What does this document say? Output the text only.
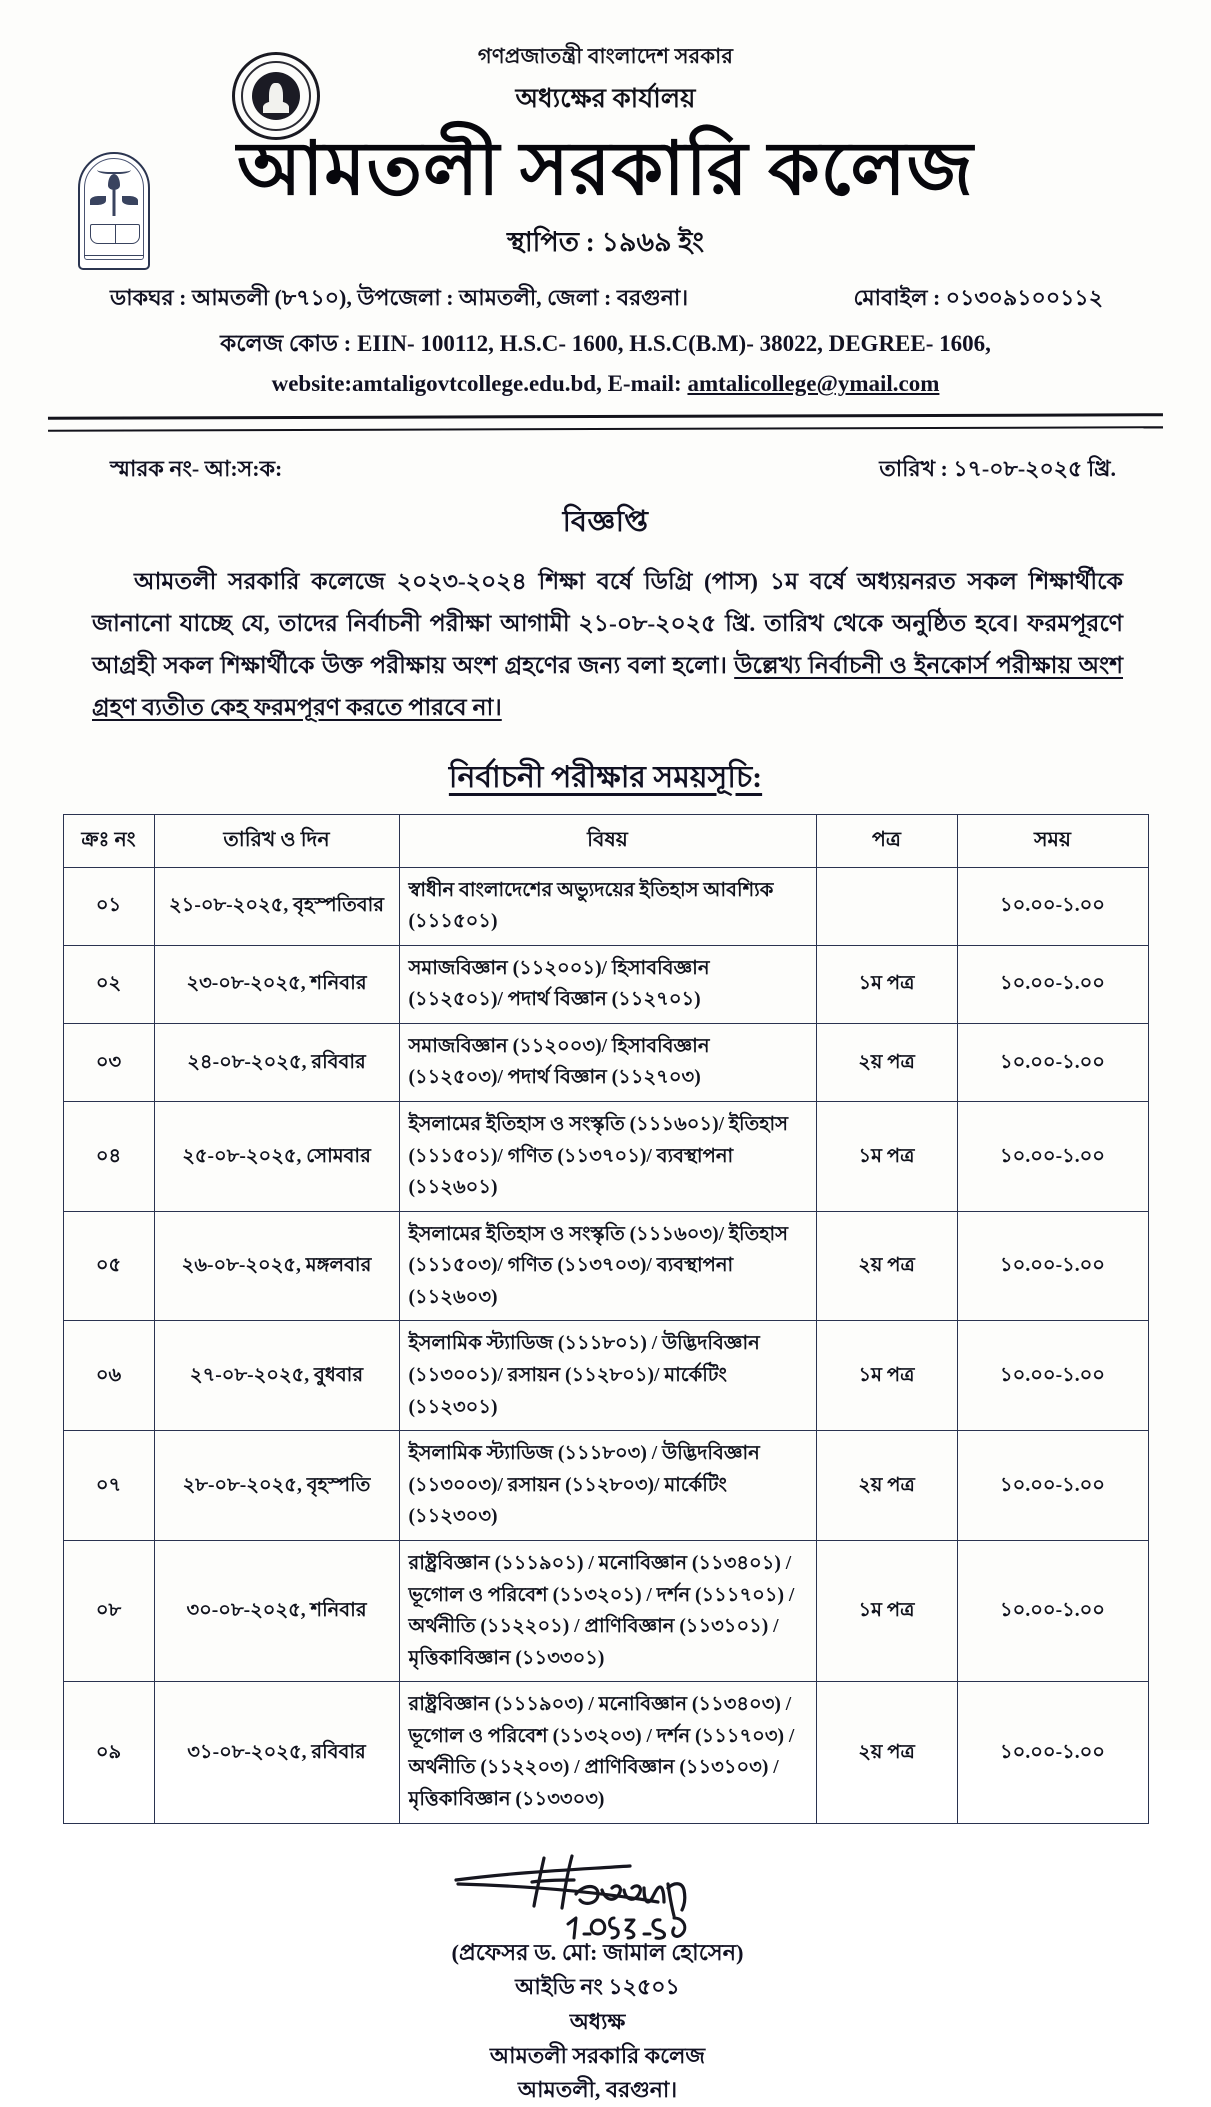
গণপ্রজাতন্ত্রী বাংলাদেশ সরকার
অধ্যক্ষের কার্যালয়
আমতলী সরকারি কলেজ
স্থাপিত : ১৯৬৯ ইং
ডাকঘর : আমতলী (৮৭১০), উপজেলা : আমতলী, জেলা : বরগুনা।	মোবাইল : ০১৩০৯১০০১১২
কলেজ কোড : EIIN- 100112, H.S.C- 1600, H.S.C(B.M)- 38022, DEGREE- 1606,
website:amtaligovtcollege.edu.bd, E-mail: amtalicollege@ymail.com
স্মারক নং- আ:স:ক:	তারিখ : ১৭-০৮-২০২৫ খ্রি.
বিজ্ঞপ্তি
আমতলী সরকারি কলেজে ২০২৩-২০২৪ শিক্ষা বর্ষে ডিগ্রি (পাস) ১ম বর্ষে অধ্যয়নরত সকল শিক্ষার্থীকে জানানো যাচ্ছে যে, তাদের নির্বাচনী পরীক্ষা আগামী ২১-০৮-২০২৫ খ্রি. তারিখ থেকে অনুষ্ঠিত হবে। ফরমপূরণে আগ্রহী সকল শিক্ষার্থীকে উক্ত পরীক্ষায় অংশ গ্রহণের জন্য বলা হলো। উল্লেখ্য নির্বাচনী ও ইনকোর্স পরীক্ষায় অংশ গ্রহণ ব্যতীত কেহ ফরমপূরণ করতে পারবে না।
নির্বাচনী পরীক্ষার সময়সূচি:
ক্রঃ নং	তারিখ ও দিন	বিষয়	পত্র	সময়
০১	২১-০৮-২০২৫, বৃহস্পতিবার	স্বাধীন বাংলাদেশের অভ্যুদয়ের ইতিহাস আবশ্যিক (১১১৫০১)		১০.০০-১.০০
০২	২৩-০৮-২০২৫, শনিবার	সমাজবিজ্ঞান (১১২০০১)/ হিসাববিজ্ঞান (১১২৫০১)/ পদার্থ বিজ্ঞান (১১২৭০১)	১ম পত্র	১০.০০-১.০০
০৩	২৪-০৮-২০২৫, রবিবার	সমাজবিজ্ঞান (১১২০০৩)/ হিসাববিজ্ঞান (১১২৫০৩)/ পদার্থ বিজ্ঞান (১১২৭০৩)	২য় পত্র	১০.০০-১.০০
০৪	২৫-০৮-২০২৫, সোমবার	ইসলামের ইতিহাস ও সংস্কৃতি (১১১৬০১)/ ইতিহাস (১১১৫০১)/ গণিত (১১৩৭০১)/ ব্যবস্থাপনা (১১২৬০১)	১ম পত্র	১০.০০-১.০০
০৫	২৬-০৮-২০২৫, মঙ্গলবার	ইসলামের ইতিহাস ও সংস্কৃতি (১১১৬০৩)/ ইতিহাস (১১১৫০৩)/ গণিত (১১৩৭০৩)/ ব্যবস্থাপনা (১১২৬০৩)	২য় পত্র	১০.০০-১.০০
০৬	২৭-০৮-২০২৫, বুধবার	ইসলামিক স্ট্যাডিজ (১১১৮০১) / উদ্ভিদবিজ্ঞান (১১৩০০১)/ রসায়ন (১১২৮০১)/ মার্কেটিং (১১২৩০১)	১ম পত্র	১০.০০-১.০০
০৭	২৮-০৮-২০২৫, বৃহস্পতি	ইসলামিক স্ট্যাডিজ (১১১৮০৩) / উদ্ভিদবিজ্ঞান (১১৩০০৩)/ রসায়ন (১১২৮০৩)/ মার্কেটিং (১১২৩০৩)	২য় পত্র	১০.০০-১.০০
০৮	৩০-০৮-২০২৫, শনিবার	রাষ্ট্রবিজ্ঞান (১১১৯০১) / মনোবিজ্ঞান (১১৩৪০১) / ভূগোল ও পরিবেশ (১১৩২০১) / দর্শন (১১১৭০১) / অর্থনীতি (১১২২০১) / প্রাণিবিজ্ঞান (১১৩১০১) / মৃত্তিকাবিজ্ঞান (১১৩৩০১)	১ম পত্র	১০.০০-১.০০
০৯	৩১-০৮-২০২৫, রবিবার	রাষ্ট্রবিজ্ঞান (১১১৯০৩) / মনোবিজ্ঞান (১১৩৪০৩) / ভূগোল ও পরিবেশ (১১৩২০৩) / দর্শন (১১১৭০৩) / অর্থনীতি (১১২২০৩) / প্রাণিবিজ্ঞান (১১৩১০৩) / মৃত্তিকাবিজ্ঞান (১১৩৩০৩)	২য় পত্র	১০.০০-১.০০
(প্রফেসর ড. মো: জামাল হোসেন)
আইডি নং ১২৫০১
অধ্যক্ষ
আমতলী সরকারি কলেজ
আমতলী, বরগুনা।
